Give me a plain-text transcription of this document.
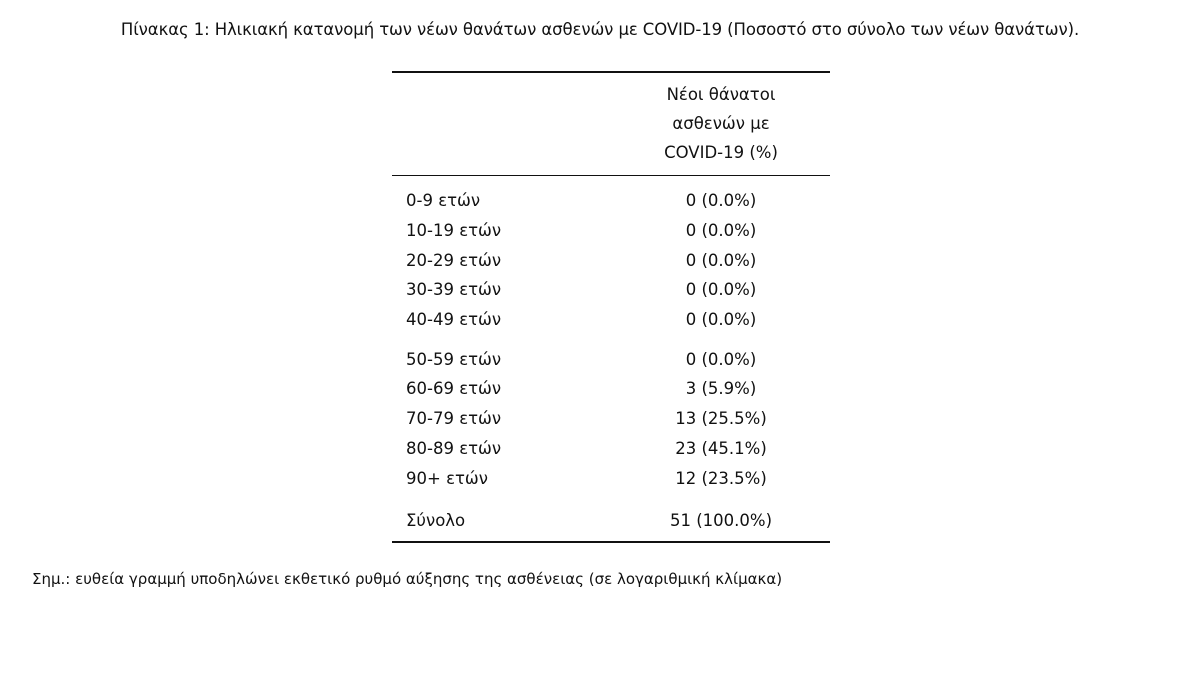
Πίνακας 1: Ηλικιακή κατανομή των νέων θανάτων ασθενών με COVID-19 (Ποσοστό στο σύνολο των νέων θανάτων).
Νέοι θάνατοι
ασθενών με
COVID-19 (%)
0-9 ετών	0 (0.0%)
10-19 ετών	0 (0.0%)
20-29 ετών	0 (0.0%)
30-39 ετών	0 (0.0%)
40-49 ετών	0 (0.0%)
50-59 ετών	0 (0.0%)
60-69 ετών	3 (5.9%)
70-79 ετών	13 (25.5%)
80-89 ετών	23 (45.1%)
90+ ετών	12 (23.5%)
Σύνολο	51 (100.0%)
Σημ.: ευθεία γραμμή υποδηλώνει εκθετικό ρυθμό αύξησης της ασθένειας (σε λογαριθμική κλίμακα)
